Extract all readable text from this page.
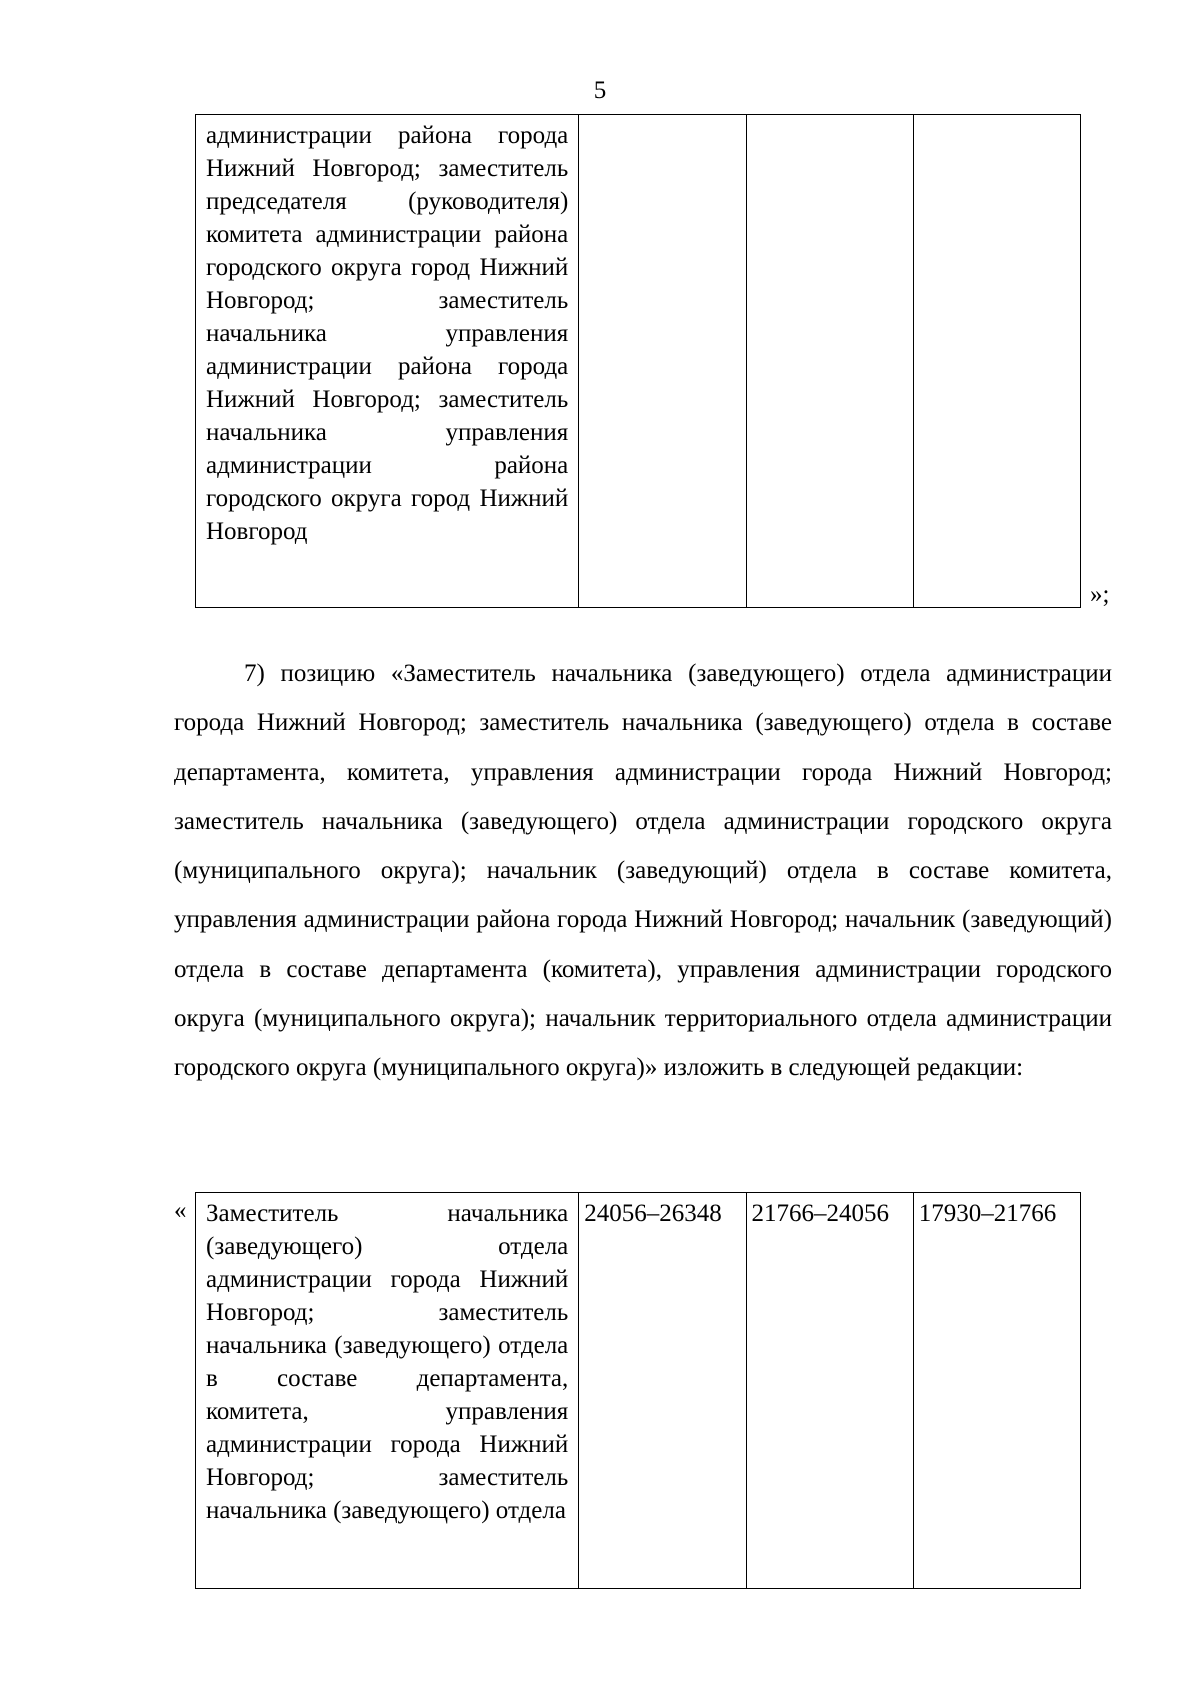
5
администрации района города Нижний Новгород; заместитель председателя (руководителя) комитета администрации района городского округа город Нижний Новгород; заместитель начальника управления администрации района города Нижний Новгород; заместитель начальника управления администрации района городского округа город Нижний Новгород			
»;

7) позицию «Заместитель начальника (заведующего) отдела администрации города Нижний Новгород; заместитель начальника (заведующего) отдела в составе департамента, комитета, управления администрации города Нижний Новгород; заместитель начальника (заведующего) отдела администрации городского округа (муниципального округа); начальник (заведующий) отдела в составе комитета, управления администрации района города Нижний Новгород; начальник (заведующий) отдела в составе департамента (комитета), управления администрации городского округа (муниципального округа); начальник территориального отдела администрации городского округа (муниципального округа)» изложить в следующей редакции:

« Заместитель начальника (заведующего) отдела администрации города Нижний Новгород; заместитель начальника (заведующего) отдела в составе департамента, комитета, управления администрации города Нижний Новгород; заместитель начальника (заведующего) отдела	24056–26348	21766–24056	17930–21766
